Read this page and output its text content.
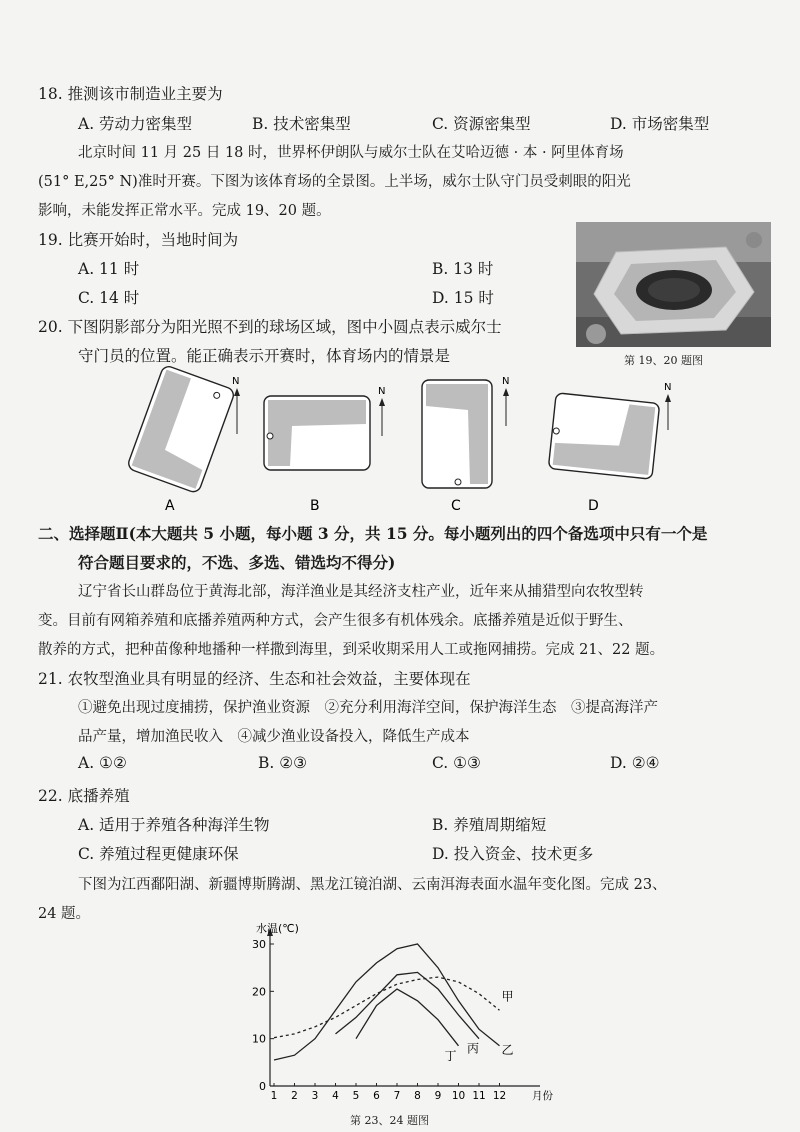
18. 推测该市制造业主要为
A. 劳动力密集型	B. 技术密集型	C. 资源密集型	D. 市场密集型
北京时间 11 月 25 日 18 时，世界杯伊朗队与威尔士队在艾哈迈德 · 本 · 阿里体育场
(51° E,25° N)准时开赛。下图为该体育场的全景图。上半场，威尔士队守门员受刺眼的阳光
影响，未能发挥正常水平。完成 19、20 题。
19. 比赛开始时，当地时间为
A. 11 时	B. 13 时
C. 14 时	D. 15 时
第 19、20 题图
20. 下图阴影部分为阳光照不到的球场区域，图中小圆点表示威尔士
守门员的位置。能正确表示开赛时，体育场内的情景是
N
A
N
B
N
C
N
D
二、选择题Ⅱ(本大题共 5 小题，每小题 3 分，共 15 分。每小题列出的四个备选项中只有一个是
符合题目要求的，不选、多选、错选均不得分)
辽宁省长山群岛位于黄海北部，海洋渔业是其经济支柱产业，近年来从捕猎型向农牧型转
变。目前有网箱养殖和底播养殖两种方式，会产生很多有机体残余。底播养殖是近似于野生、
散养的方式，把种苗像种地播种一样撒到海里，到采收期采用人工或拖网捕捞。完成 21、22 题。
21. 农牧型渔业具有明显的经济、生态和社会效益，主要体现在
①避免出现过度捕捞，保护渔业资源　②充分利用海洋空间，保护海洋生态　③提高海洋产
品产量，增加渔民收入　④减少渔业设备投入，降低生产成本
A. ①②	B. ②③	C. ①③	D. ②④
22. 底播养殖
A. 适用于养殖各种海洋生物	B. 养殖周期缩短
C. 养殖过程更健康环保	D. 投入资金、技术更多
下图为江西鄱阳湖、新疆博斯腾湖、黑龙江镜泊湖、云南洱海表面水温年变化图。完成 23、
24 题。
0
10
20
30
1 2 3 4 5 6 7 8 9 10 11 12
水温(℃)
月份
甲
乙
丙
丁
第 23、24 题图
